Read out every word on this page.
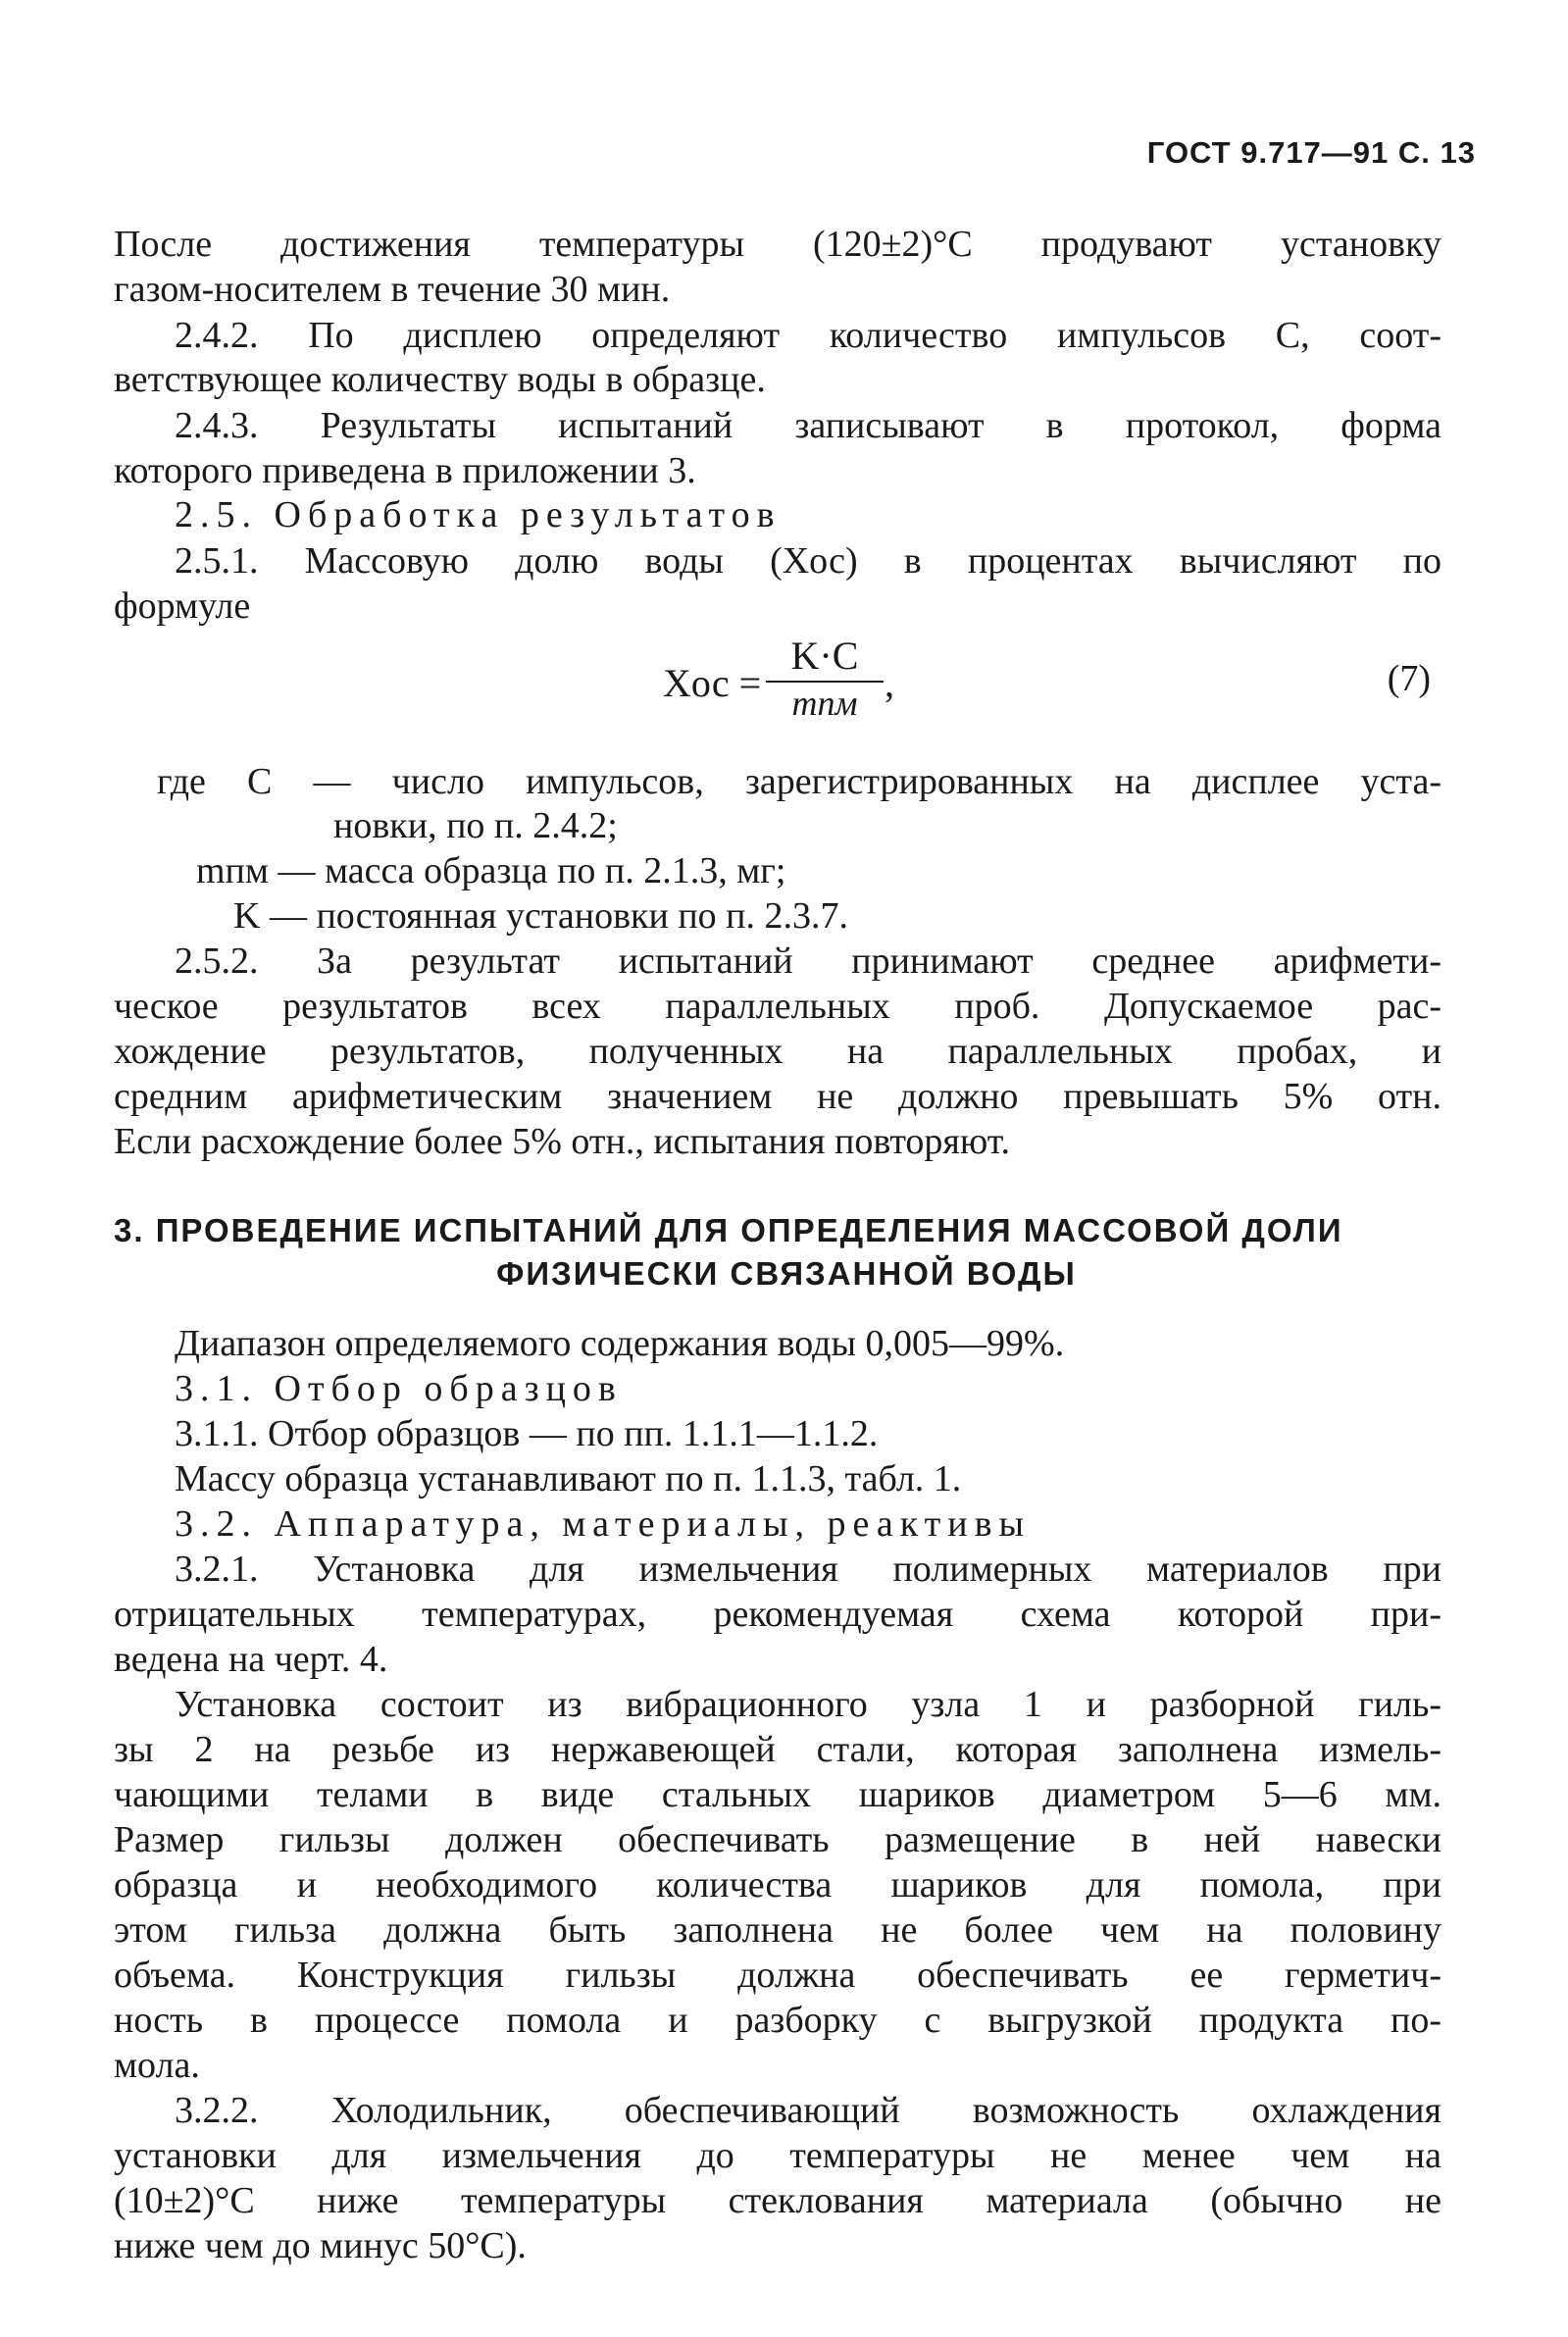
ГОСТ 9.717—91 С. 13
После достижения температуры (120±2)°С продувают установку
газом-носителем в течение 30 мин.
2.4.2. По дисплею определяют количество импульсов C, соот-
ветствующее количеству воды в образце.
2.4.3. Результаты испытаний записывают в протокол, форма
которого приведена в приложении 3.
2.5. Обработка результатов
2.5.1. Массовую долю воды (Xос) в процентах вычисляют по
формуле
Xос =
K·C
mпм ,	(7)
где C — число импульсов, зарегистрированных на дисплее уста-
новки, по п. 2.4.2;
mпм — масса образца по п. 2.1.3, мг;
K — постоянная установки по п. 2.3.7.
2.5.2. За результат испытаний принимают среднее арифмети-
ческое результатов всех параллельных проб. Допускаемое рас-
хождение результатов, полученных на параллельных пробах, и
средним арифметическим значением не должно превышать 5% отн.
Если расхождение более 5% отн., испытания повторяют.
3. ПРОВЕДЕНИЕ ИСПЫТАНИЙ ДЛЯ ОПРЕДЕЛЕНИЯ МАССОВОЙ ДОЛИ
ФИЗИЧЕСКИ СВЯЗАННОЙ ВОДЫ
Диапазон определяемого содержания воды 0,005—99%.
3.1. Отбор образцов
3.1.1. Отбор образцов — по пп. 1.1.1—1.1.2.
Массу образца устанавливают по п. 1.1.3, табл. 1.
3.2. Аппаратура, материалы, реактивы
3.2.1. Установка для измельчения полимерных материалов при
отрицательных температурах, рекомендуемая схема которой при-
ведена на черт. 4.
Установка состоит из вибрационного узла 1 и разборной гиль-
зы 2 на резьбе из нержавеющей стали, которая заполнена измель-
чающими телами в виде стальных шариков диаметром 5—6 мм.
Размер гильзы должен обеспечивать размещение в ней навески
образца и необходимого количества шариков для помола, при
этом гильза должна быть заполнена не более чем на половину
объема. Конструкция гильзы должна обеспечивать ее герметич-
ность в процессе помола и разборку с выгрузкой продукта по-
мола.
3.2.2. Холодильник, обеспечивающий возможность охлаждения
установки для измельчения до температуры не менее чем на
(10±2)°С ниже температуры стеклования материала (обычно не
ниже чем до минус 50°С).
